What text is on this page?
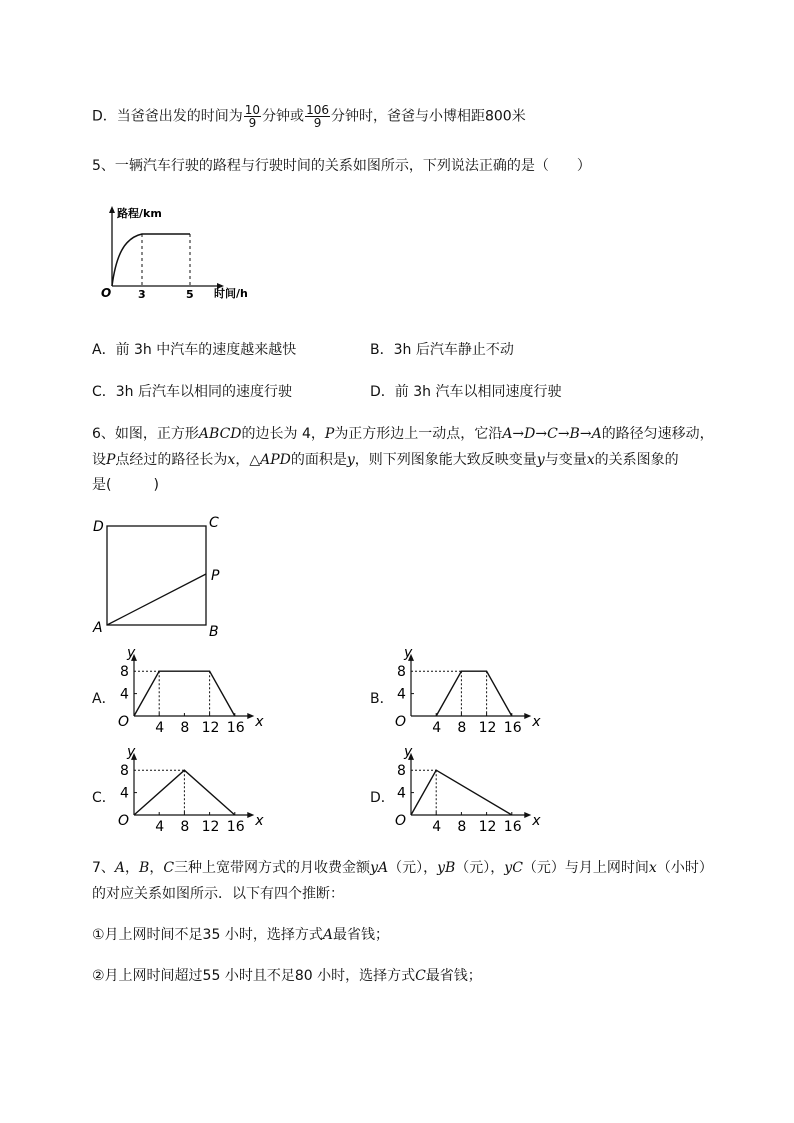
D．当爸爸出发的时间为 $\frac{10}{9}$ 分钟或 $\frac{106}{9}$ 分钟时，爸爸与小博相距800米
5、一辆汽车行驶的路程与行驶时间的关系如图所示，下列说法正确的是（　　）
路程/km
时间/h
O 3	5
A．前 3h 中汽车的速度越来越快	B．3h 后汽车静止不动
C．3h 后汽车以相同的速度行驶	D．前 3h 汽车以相同速度行驶
6、如图，正方形ABCD的边长为 4，P为正方形边上一动点，它沿A→D→C→B→A的路径匀速移动，
设P点经过的路径长为x，△APD的面积是y，则下列图象能大致反映变量y与变量x的关系图象的
是(　　　)
D	C
A	B
P
A．	B．
C．	D．
4 8 12 16
4
8
y
x
O	4 8 12 16
4
8
y
x
O
4 8 12 16
4
8
y
x
O	4 8 12 16
4
8
y
x
O
7、A，B，C三种上宽带网方式的月收费金额yA（元），yB（元），yC（元）与月上网时间x（小时）
的对应关系如图所示．以下有四个推断：
①月上网时间不足35 小时，选择方式A最省钱；
②月上网时间超过55 小时且不足80 小时，选择方式C最省钱；
